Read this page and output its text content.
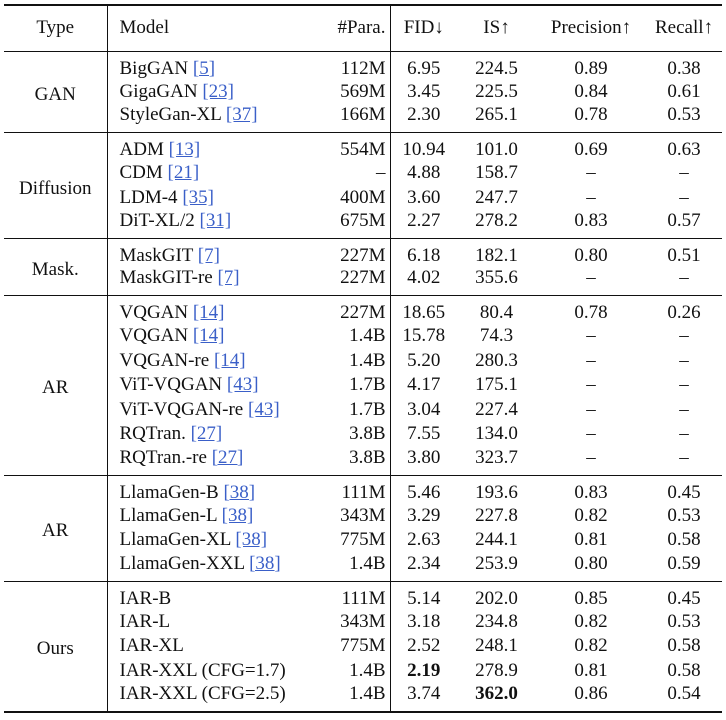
Type	Model	#Para.	FID↓	IS↑	Precision↑	Recall↑
GAN	BigGAN [5]	112M	6.95	224.5	0.89	0.38
	GigaGAN [23]	569M	3.45	225.5	0.84	0.61
	StyleGan-XL [37]	166M	2.30	265.1	0.78	0.53
Diffusion	ADM [13]	554M	10.94	101.0	0.69	0.63
	CDM [21]	–	4.88	158.7	–	–
	LDM-4 [35]	400M	3.60	247.7	–	–
	DiT-XL/2 [31]	675M	2.27	278.2	0.83	0.57
Mask.	MaskGIT [7]	227M	6.18	182.1	0.80	0.51
	MaskGIT-re [7]	227M	4.02	355.6	–	–
AR	VQGAN [14]	227M	18.65	80.4	0.78	0.26
	VQGAN [14]	1.4B	15.78	74.3	–	–
	VQGAN-re [14]	1.4B	5.20	280.3	–	–
	ViT-VQGAN [43]	1.7B	4.17	175.1	–	–
	ViT-VQGAN-re [43]	1.7B	3.04	227.4	–	–
	RQTran. [27]	3.8B	7.55	134.0	–	–
	RQTran.-re [27]	3.8B	3.80	323.7	–	–
AR	LlamaGen-B [38]	111M	5.46	193.6	0.83	0.45
	LlamaGen-L [38]	343M	3.29	227.8	0.82	0.53
	LlamaGen-XL [38]	775M	2.63	244.1	0.81	0.58
	LlamaGen-XXL [38]	1.4B	2.34	253.9	0.80	0.59
Ours	IAR-B	111M	5.14	202.0	0.85	0.45
	IAR-L	343M	3.18	234.8	0.82	0.53
	IAR-XL	775M	2.52	248.1	0.82	0.58
	IAR-XXL (CFG=1.7)	1.4B	2.19	278.9	0.81	0.58
	IAR-XXL (CFG=2.5)	1.4B	3.74	362.0	0.86	0.54
